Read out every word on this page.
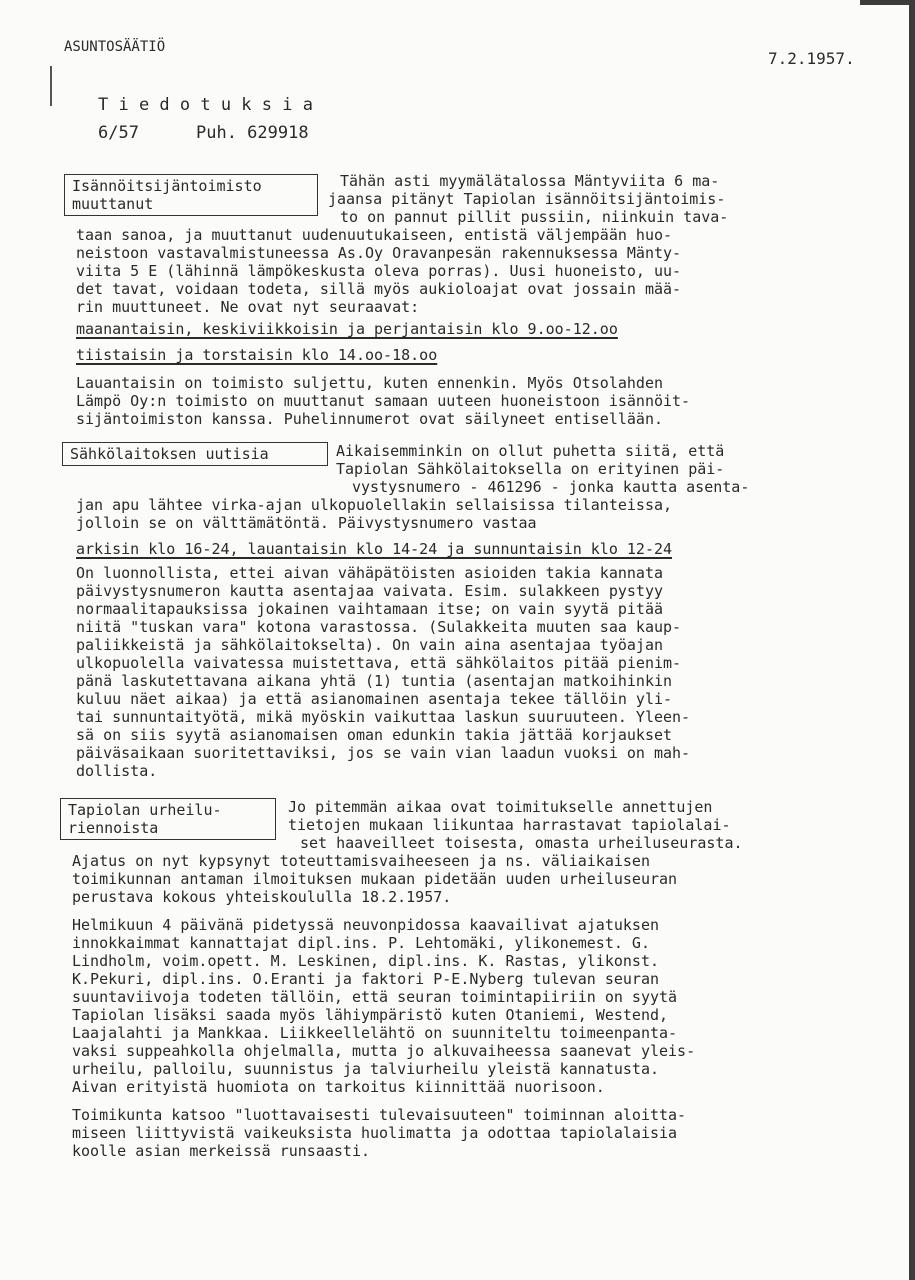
ASUNTOSÄÄTIÖ
7.2.1957.
T i e d o t u k s i a
6/57	Puh. 629918
Isännöitsijäntoimisto
muuttanut
Tähän asti myymälätalossa Mäntyviita 6 ma-
jaansa pitänyt Tapiolan isännöitsijäntoimis-
to on pannut pillit pussiin, niinkuin tava-
taan sanoa, ja muuttanut uudenuutukaiseen, entistä väljempään huo-
neistoon vastavalmistuneessa As.Oy Oravanpesän rakennuksessa Mänty-
viita 5 E (lähinnä lämpökeskusta oleva porras). Uusi huoneisto, uu-
det tavat, voidaan todeta, sillä myös aukioloajat ovat jossain mää-
rin muuttuneet. Ne ovat nyt seuraavat:
maanantaisin, keskiviikkoisin ja perjantaisin klo 9.oo-12.oo
tiistaisin ja torstaisin klo 14.oo-18.oo
Lauantaisin on toimisto suljettu, kuten ennenkin. Myös Otsolahden
Lämpö Oy:n toimisto on muuttanut samaan uuteen huoneistoon isännöit-
sijäntoimiston kanssa. Puhelinnumerot ovat säilyneet entisellään.
Sähkölaitoksen uutisia	Aikaisemminkin on ollut puhetta siitä, että
Tapiolan Sähkölaitoksella on erityinen päi-
vystysnumero - 461296 - jonka kautta asenta-
jan apu lähtee virka-ajan ulkopuolellakin sellaisissa tilanteissa,
jolloin se on välttämätöntä. Päivystysnumero vastaa
arkisin klo 16-24, lauantaisin klo 14-24 ja sunnuntaisin klo 12-24
On luonnollista, ettei aivan vähäpätöisten asioiden takia kannata
päivystysnumeron kautta asentajaa vaivata. Esim. sulakkeen pystyy
normaalitapauksissa jokainen vaihtamaan itse; on vain syytä pitää
niitä "tuskan vara" kotona varastossa. (Sulakkeita muuten saa kaup-
paliikkeistä ja sähkölaitokselta). On vain aina asentajaa työajan
ulkopuolella vaivatessa muistettava, että sähkölaitos pitää pienim-
pänä laskutettavana aikana yhtä (1) tuntia (asentajan matkoihinkin
kuluu näet aikaa) ja että asianomainen asentaja tekee tällöin yli-
tai sunnuntaityötä, mikä myöskin vaikuttaa laskun suuruuteen. Yleen-
sä on siis syytä asianomaisen oman edunkin takia jättää korjaukset
päiväsaikaan suoritettaviksi, jos se vain vian laadun vuoksi on mah-
dollista.
Tapiolan urheilu-
riennoista
Jo pitemmän aikaa ovat toimitukselle annettujen
tietojen mukaan liikuntaa harrastavat tapiolalai-
set haaveilleet toisesta, omasta urheiluseurasta.
Ajatus on nyt kypsynyt toteuttamisvaiheeseen ja ns. väliaikaisen
toimikunnan antaman ilmoituksen mukaan pidetään uuden urheiluseuran
perustava kokous yhteiskoululla 18.2.1957.
Helmikuun 4 päivänä pidetyssä neuvonpidossa kaavailivat ajatuksen
innokkaimmat kannattajat dipl.ins. P. Lehtomäki, ylikonemest. G.
Lindholm, voim.opett. M. Leskinen, dipl.ins. K. Rastas, ylikonst.
K.Pekuri, dipl.ins. O.Eranti ja faktori P-E.Nyberg tulevan seuran
suuntaviivoja todeten tällöin, että seuran toimintapiiriin on syytä
Tapiolan lisäksi saada myös lähiympäristö kuten Otaniemi, Westend,
Laajalahti ja Mankkaa. Liikkeellelähtö on suunniteltu toimeenpanta-
vaksi suppeahkolla ohjelmalla, mutta jo alkuvaiheessa saanevat yleis-
urheilu, palloilu, suunnistus ja talviurheilu yleistä kannatusta.
Aivan erityistä huomiota on tarkoitus kiinnittää nuorisoon.
Toimikunta katsoo "luottavaisesti tulevaisuuteen" toiminnan aloitta-
miseen liittyvistä vaikeuksista huolimatta ja odottaa tapiolalaisia
koolle asian merkeissä runsaasti.
